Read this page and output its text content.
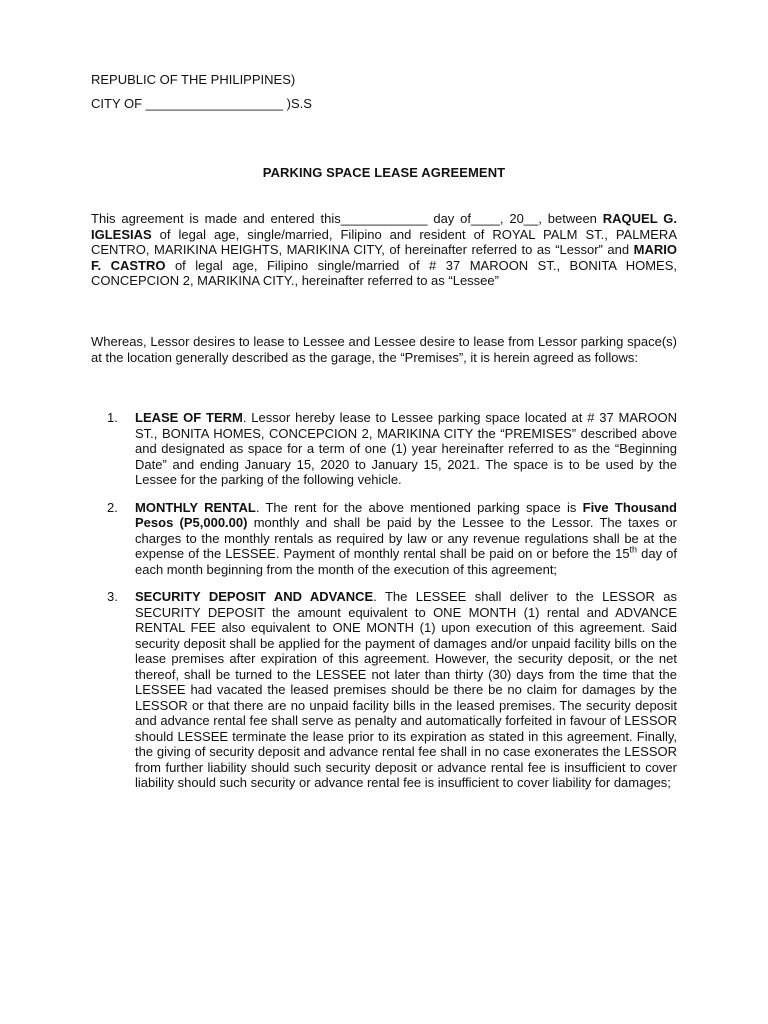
REPUBLIC OF THE PHILIPPINES)
CITY OF ___________________ )S.S
PARKING SPACE LEASE AGREEMENT

This agreement is made and entered this____________ day of____, 20__, between RAQUEL G. IGLESIAS of legal age, single/married, Filipino and resident of ROYAL PALM ST., PALMERA CENTRO, MARIKINA HEIGHTS, MARIKINA CITY, of hereinafter referred to as “Lessor” and MARIO F. CASTRO of legal age, Filipino single/married of # 37 MAROON ST., BONITA HOMES, CONCEPCION 2, MARIKINA CITY., hereinafter referred to as “Lessee”

Whereas, Lessor desires to lease to Lessee and Lessee desire to lease from Lessor parking space(s) at the location generally described as the garage, the “Premises”, it is herein agreed as follows:

1. LEASE OF TERM. Lessor hereby lease to Lessee parking space located at # 37 MAROON ST., BONITA HOMES, CONCEPCION 2, MARIKINA CITY the “PREMISES” described above and designated as space for a term of one (1) year hereinafter referred to as the “Beginning Date” and ending January 15, 2020 to January 15, 2021. The space is to be used by the Lessee for the parking of the following vehicle.
2. MONTHLY RENTAL. The rent for the above mentioned parking space is Five Thousand Pesos (P5,000.00) monthly and shall be paid by the Lessee to the Lessor. The taxes or charges to the monthly rentals as required by law or any revenue regulations shall be at the expense of the LESSEE. Payment of monthly rental shall be paid on or before the 15th day of each month beginning from the month of the execution of this agreement;
3. SECURITY DEPOSIT AND ADVANCE. The LESSEE shall deliver to the LESSOR as SECURITY DEPOSIT the amount equivalent to ONE MONTH (1) rental and ADVANCE RENTAL FEE also equivalent to ONE MONTH (1) upon execution of this agreement. Said security deposit shall be applied for the payment of damages and/or unpaid facility bills on the lease premises after expiration of this agreement. However, the security deposit, or the net thereof, shall be turned to the LESSEE not later than thirty (30) days from the time that the LESSEE had vacated the leased premises should be there be no claim for damages by the LESSOR or that there are no unpaid facility bills in the leased premises. The security deposit and advance rental fee shall serve as penalty and automatically forfeited in favour of LESSOR should LESSEE terminate the lease prior to its expiration as stated in this agreement. Finally, the giving of security deposit and advance rental fee shall in no case exonerates the LESSOR from further liability should such security deposit or advance rental fee is insufficient to cover liability should such security or advance rental fee is insufficient to cover liability for damages;
